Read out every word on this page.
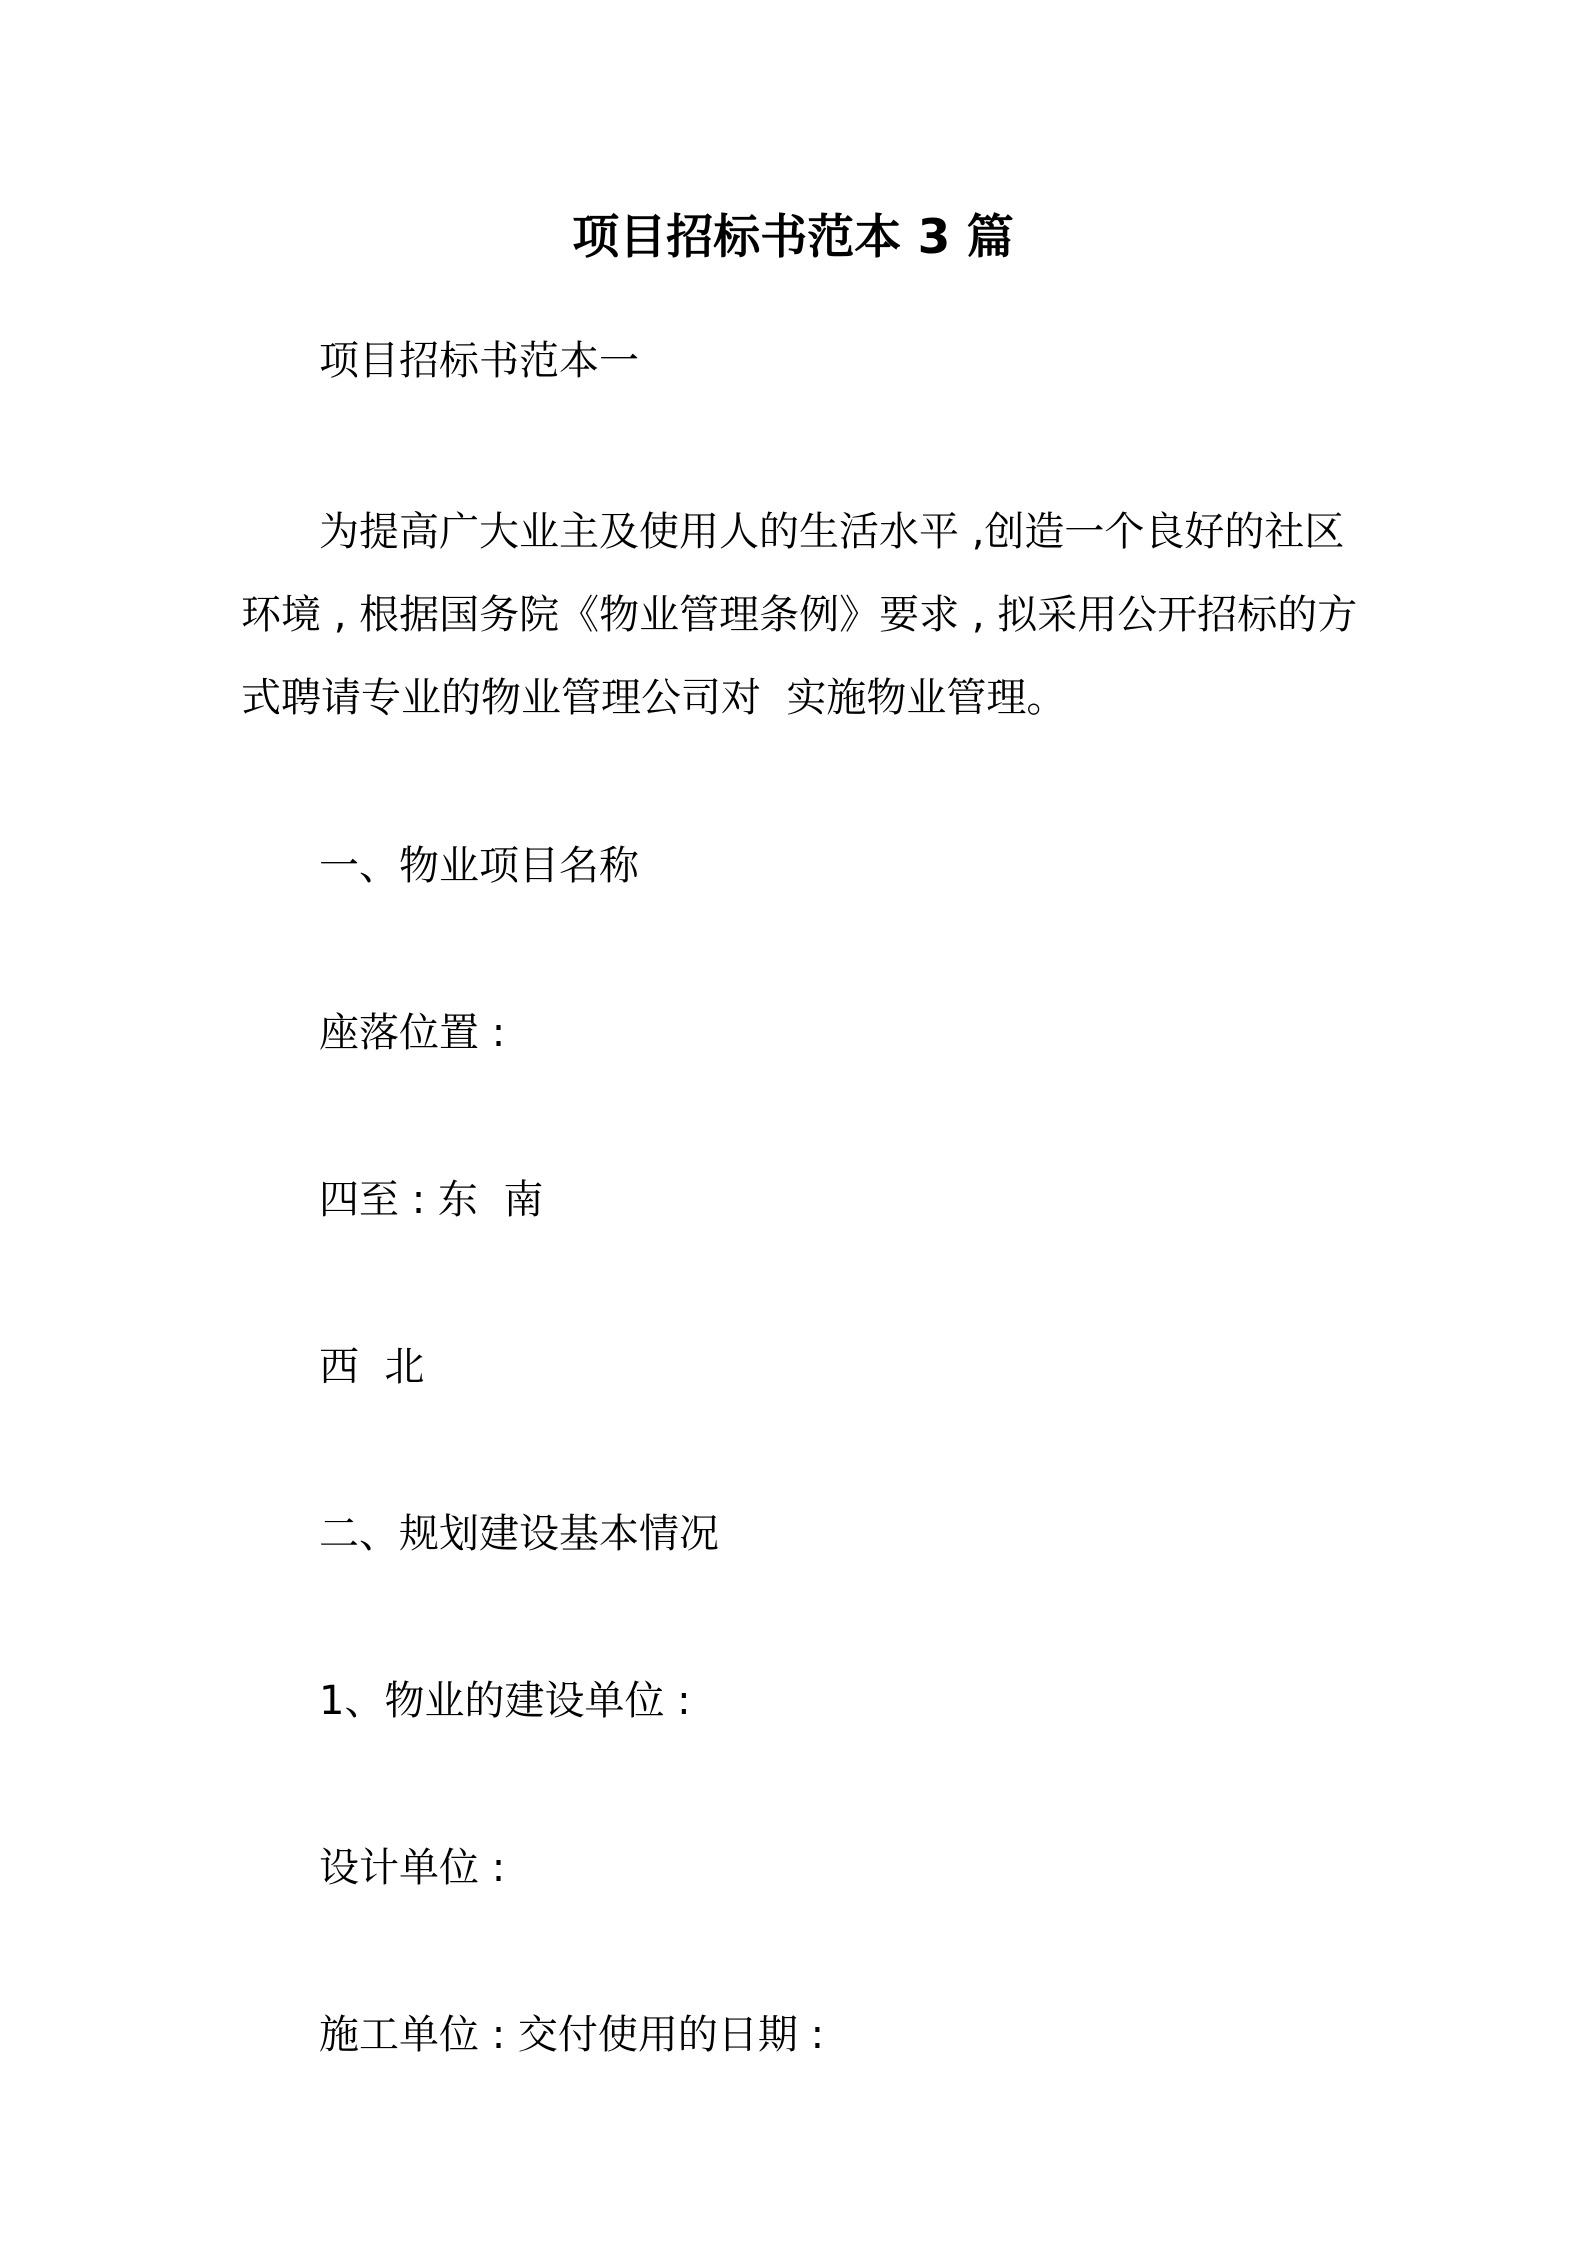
项目招标书范本 3 篇
项目招标书范本一
为提高广大业主及使用人的生活水平 ,创造一个良好的社区
环境 , 根据国务院《物业管理条例》要求 , 拟采用公开招标的方
式聘请专业的物业管理公司对  实施物业管理。
一、物业项目名称
座落位置 :
四至 : 东  南
西  北
二、规划建设基本情况
1、物业的建设单位 :
设计单位 :
施工单位 : 交付使用的日期 :
